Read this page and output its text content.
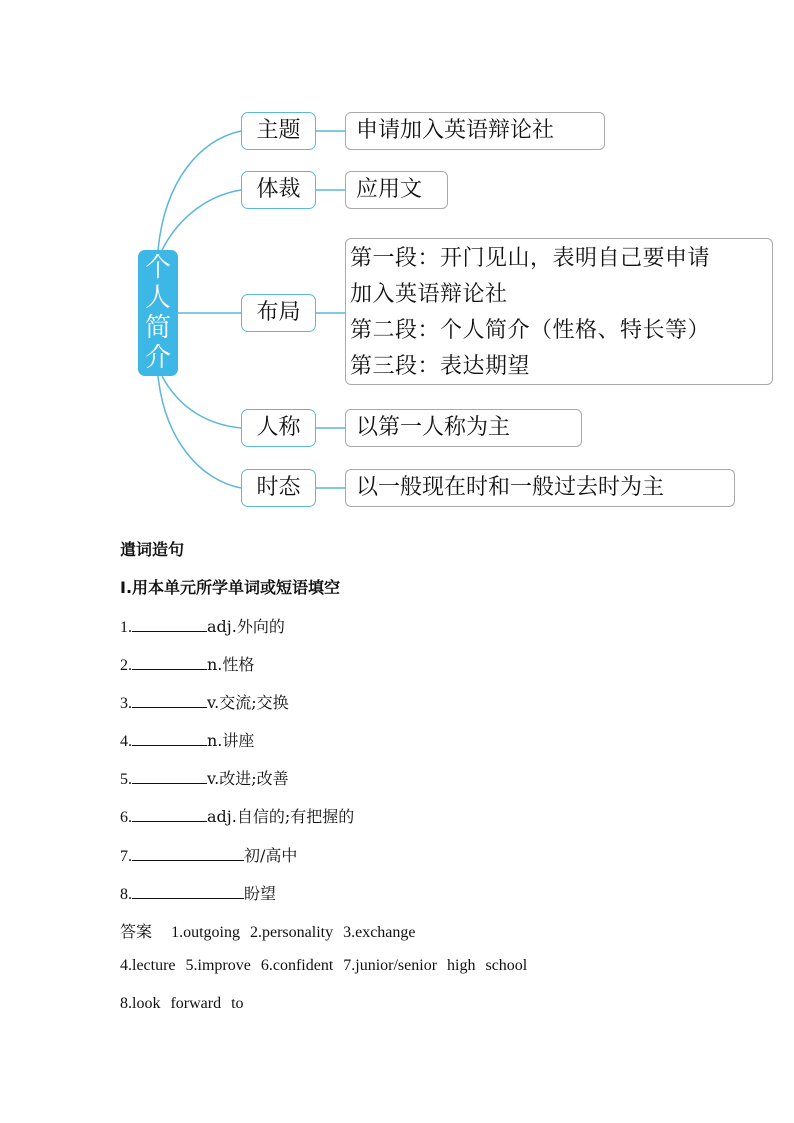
个人简介
主题	申请加入英语辩论社
体裁	应用文
布局
第一段：开门见山，表明自己要申请
加入英语辩论社
第二段：个人简介（性格、特长等）
第三段：表达期望
人称	以第一人称为主
时态	以一般现在时和一般过去时为主
遣词造句
Ⅰ.用本单元所学单词或短语填空
1.	adj.外向的
2.	n.性格
3.	v.交流;交换
4.	n.讲座
5.	v.改进;改善
6.	adj.自信的;有把握的
7.	初/高中
8.	盼望
答案 1.outgoing 2.personality 3.exchange
4.lecture 5.improve 6.confident 7.junior/senior high school
8.look forward to
